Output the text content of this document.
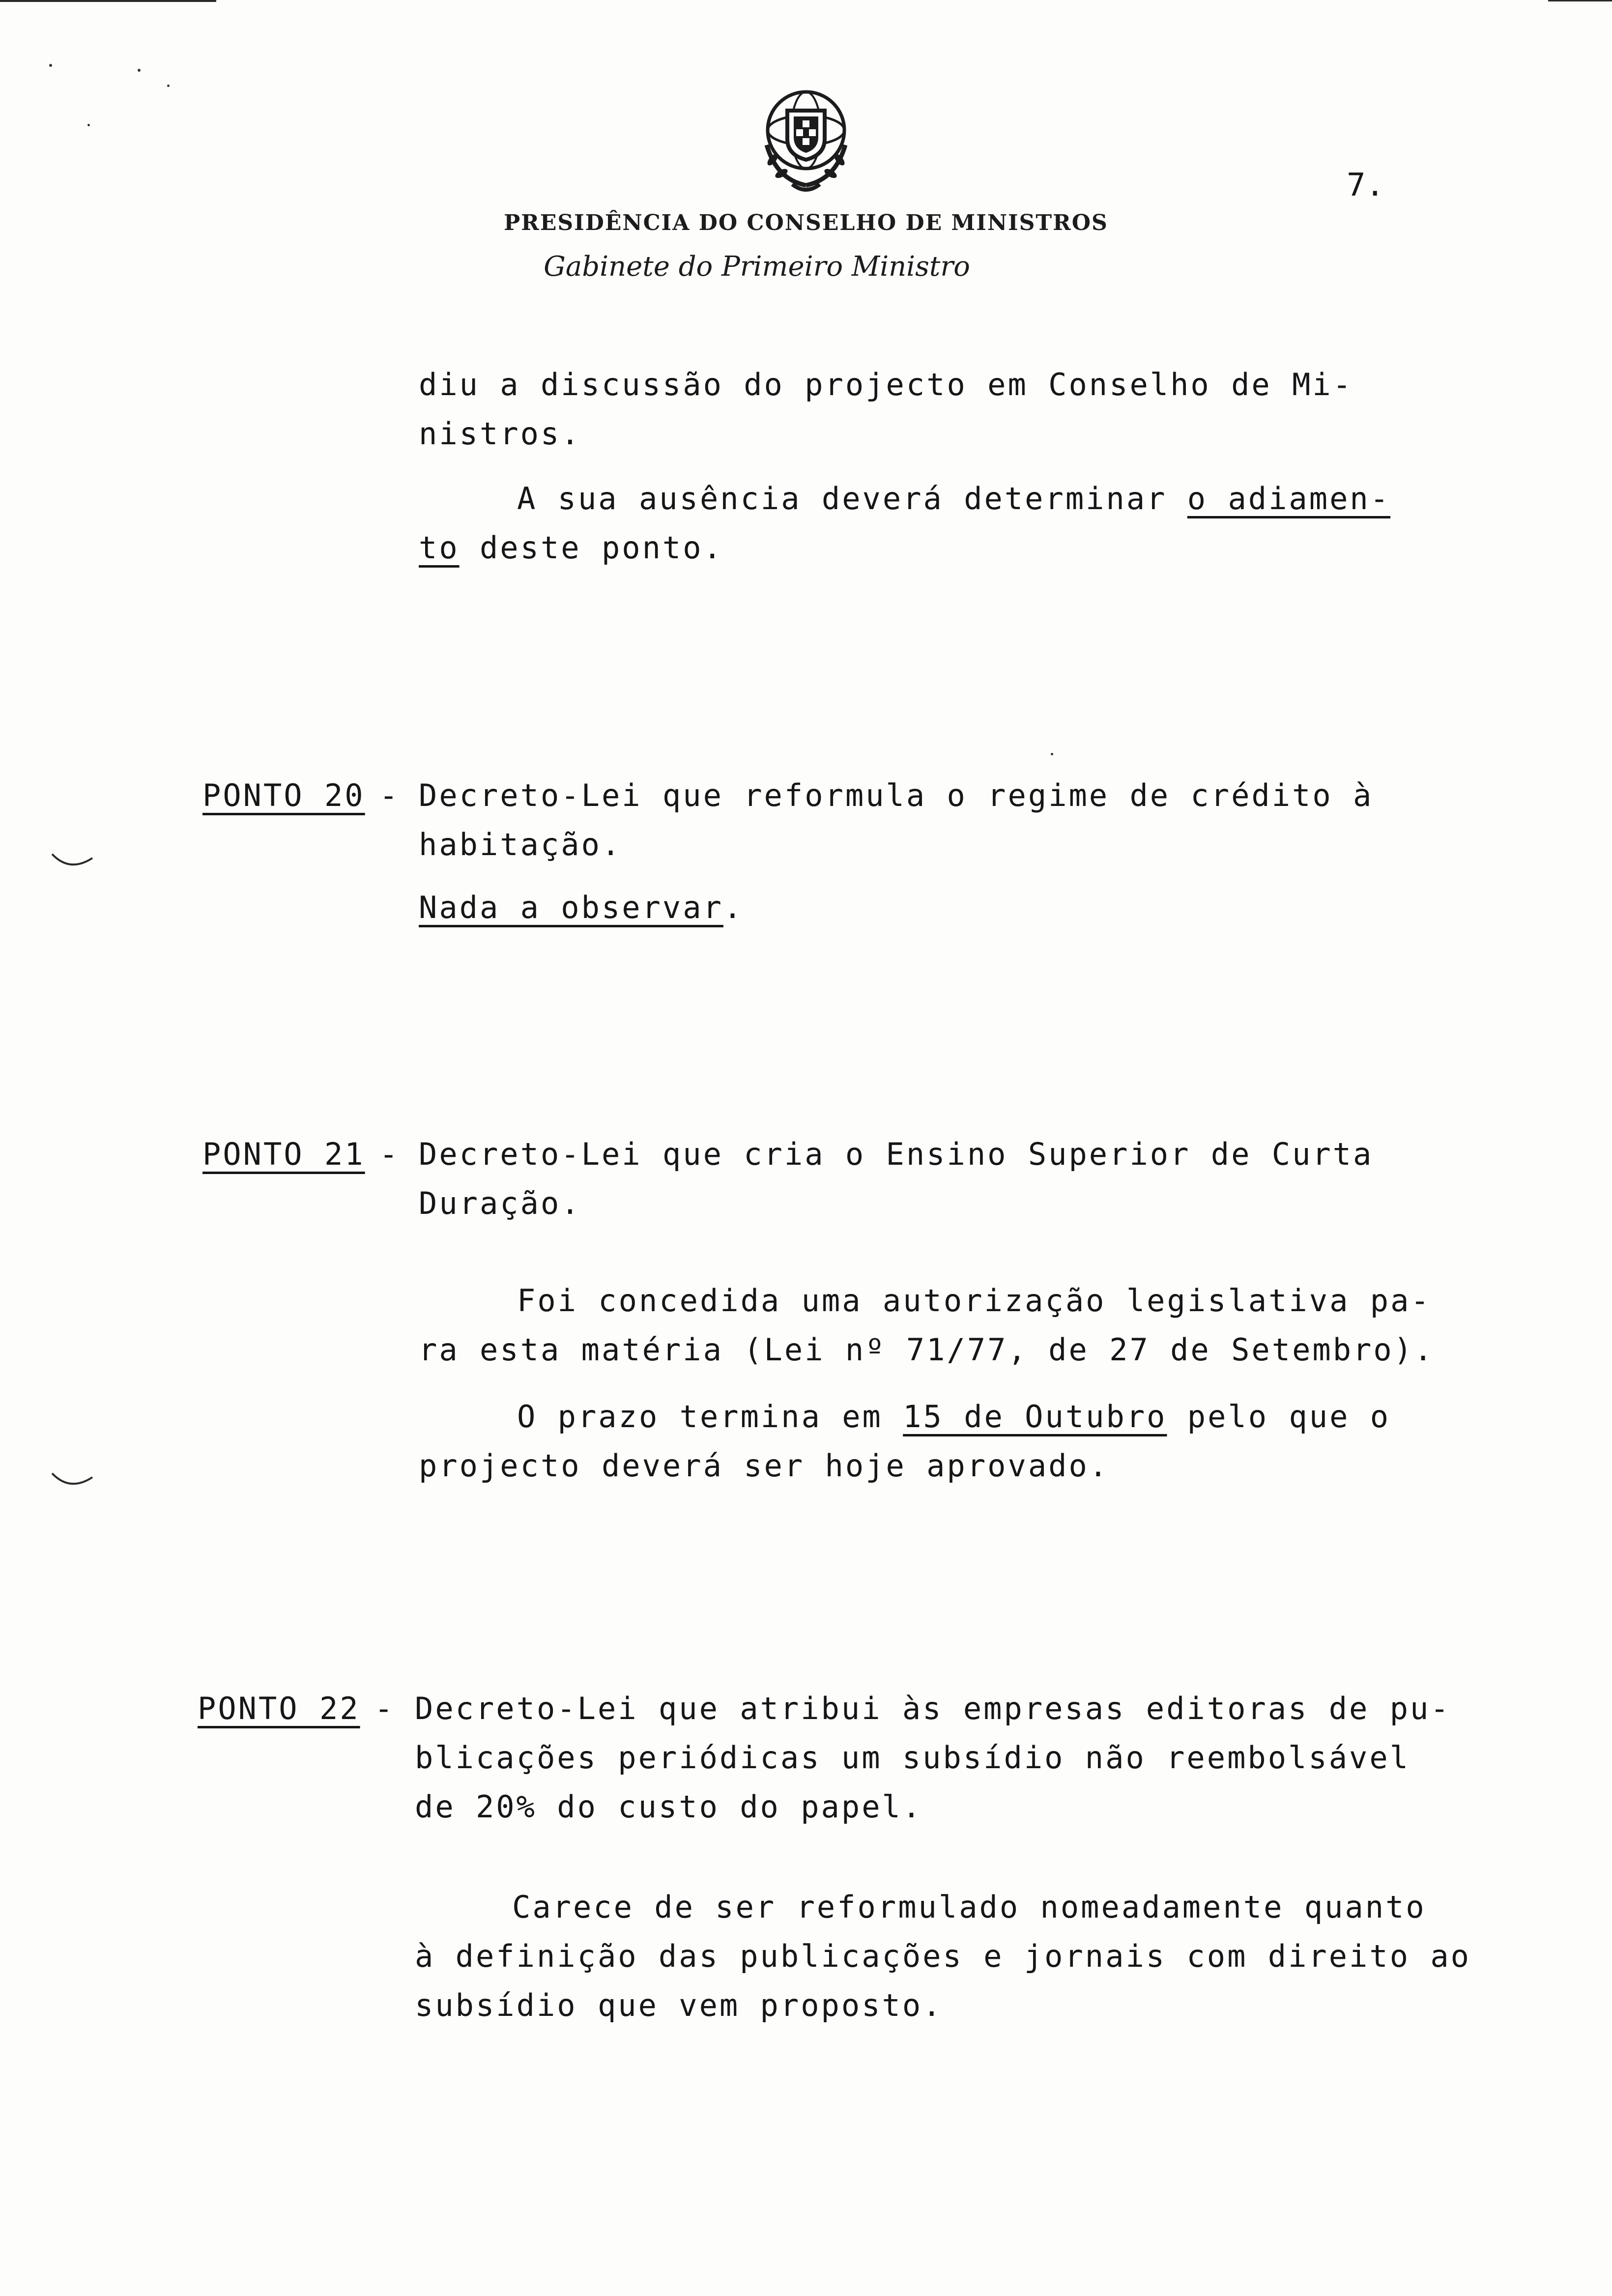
PRESIDÊNCIA DO CONSELHO DE MINISTROS
Gabinete do Primeiro Ministro
7.
diu a discussão do projecto em Conselho de Mi-
nistros.
A sua ausência deverá determinar o adiamen-
to deste ponto.
PONTO 20 - Decreto-Lei que reformula o regime de crédito à
habitação.
Nada a observar.
PONTO 21 - Decreto-Lei que cria o Ensino Superior de Curta
Duração.
Foi concedida uma autorização legislativa pa-
ra esta matéria (Lei nº 71/77, de 27 de Setembro).
O prazo termina em 15 de Outubro pelo que o
projecto deverá ser hoje aprovado.
PONTO 22 - Decreto-Lei que atribui às empresas editoras de pu-
blicações periódicas um subsídio não reembolsável
de 20% do custo do papel.
Carece de ser reformulado nomeadamente quanto
à definição das publicações e jornais com direito ao
subsídio que vem proposto.
